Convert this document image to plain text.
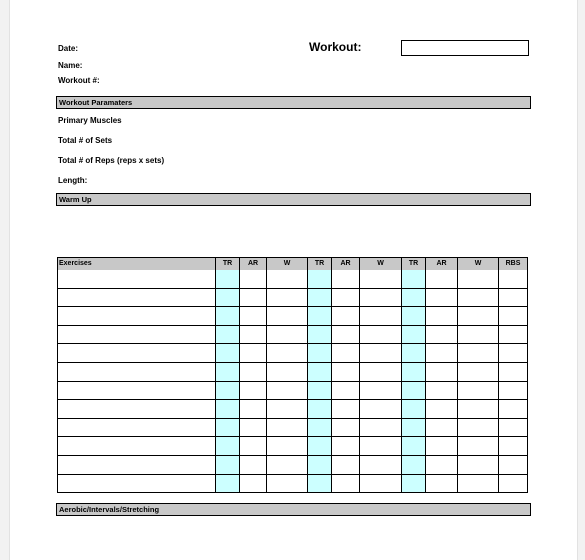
Date:
Name:
Workout #:
Workout:
Workout Paramaters
Primary Muscles
Total # of Sets
Total # of Reps (reps x sets)
Length:
Warm Up
Exercises	TR	AR	W	TR	AR	W	TR	AR	W	RBS
Aerobic/Intervals/Stretching
